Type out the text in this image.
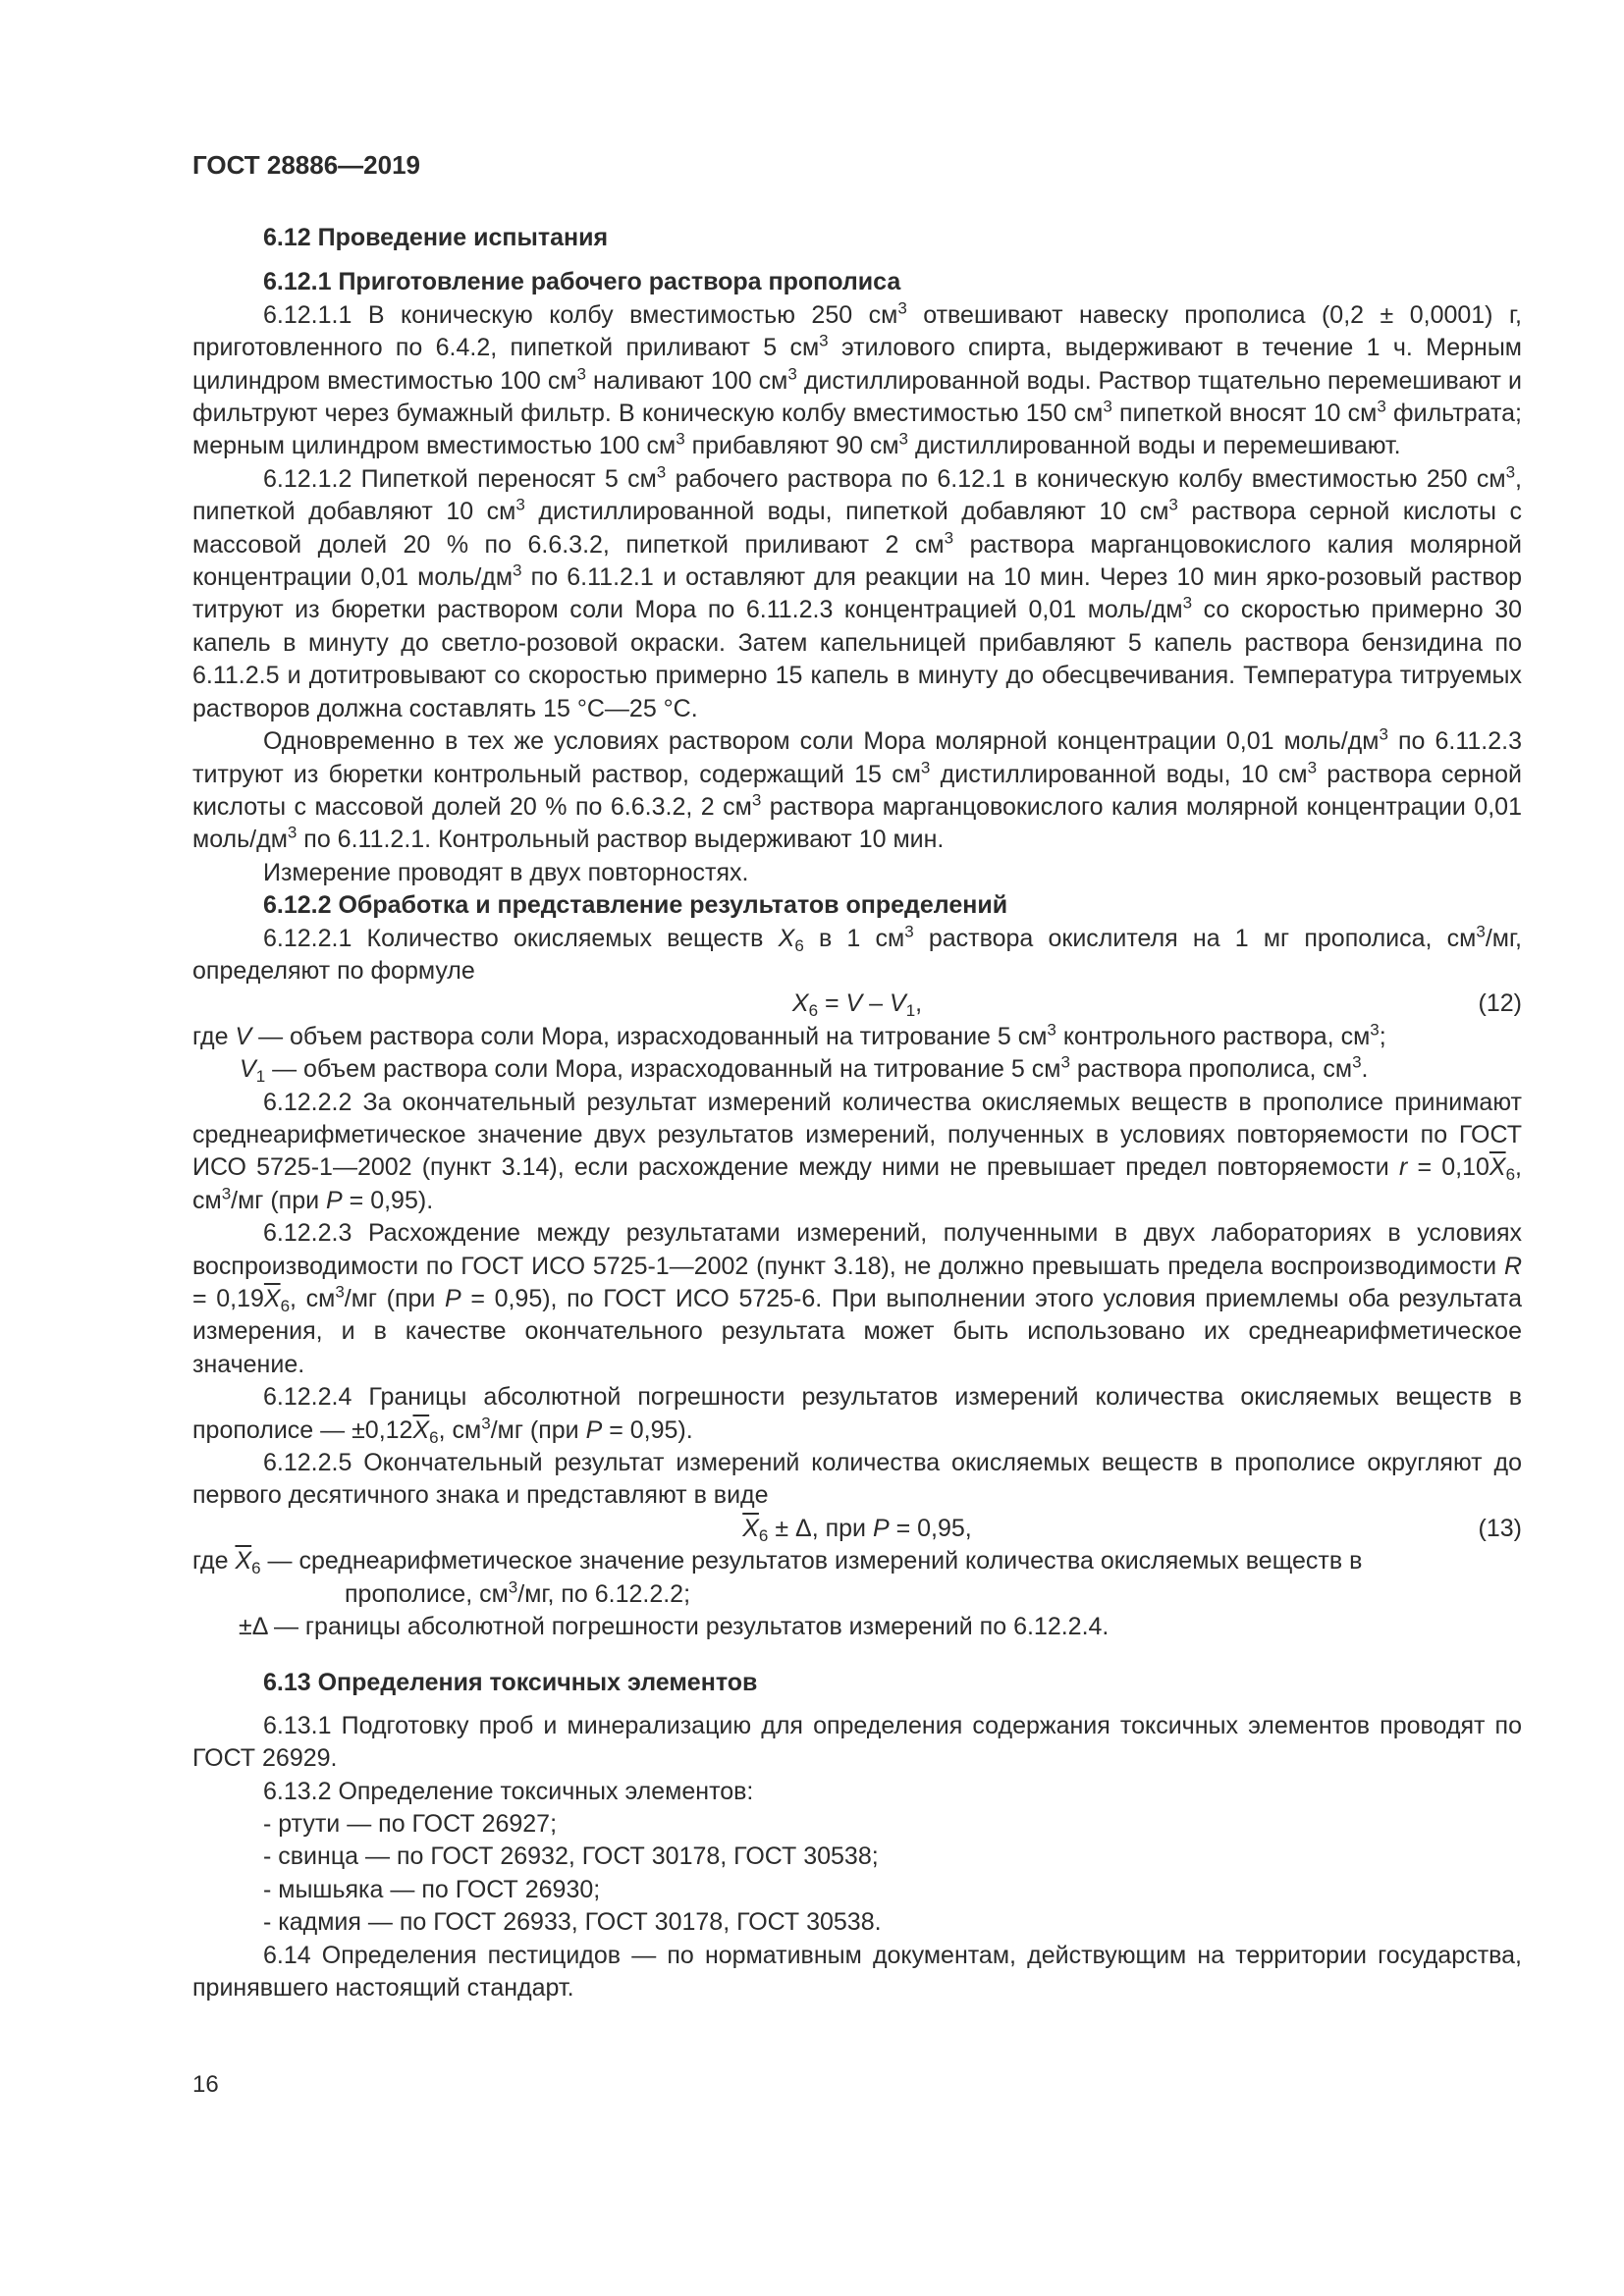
ГОСТ 28886—2019
6.12 Проведение испытания
6.12.1 Приготовление рабочего раствора прополиса

6.12.1.1 В коническую колбу вместимостью 250 $см^3$ отвешивают навеску прополиса (0,2 ± 0,0001) г, приготовленного по 6.4.2, пипеткой приливают 5 $см^3$ этилового спирта, выдерживают в течение 1 ч. Мерным цилиндром вместимостью 100 $см^3$ наливают 100 $см^3$ дистиллированной воды. Раствор тщательно перемешивают и фильтруют через бумажный фильтр. В коническую колбу вместимостью 150 $см^3$ пипеткой вносят 10 $см^3$ фильтрата; мерным цилиндром вместимостью 100 $см^3$ прибавляют 90 $см^3$ дистиллированной воды и перемешивают.

6.12.1.2 Пипеткой переносят 5 $см^3$ рабочего раствора по 6.12.1 в коническую колбу вместимостью 250 $см^3$, пипеткой добавляют 10 $см^3$ дистиллированной воды, пипеткой добавляют 10 $см^3$ раствора серной кислоты с массовой долей 20 % по 6.6.3.2, пипеткой приливают 2 $см^3$ раствора марганцовокислого калия молярной концентрации 0,01 моль/$дм^3$ по 6.11.2.1 и оставляют для реакции на 10 мин. Через 10 мин ярко-розовый раствор титруют из бюретки раствором соли Мора по 6.11.2.3 концентрацией 0,01 моль/$дм^3$ со скоростью примерно 30 капель в минуту до светло-розовой окраски. Затем капельницей прибавляют 5 капель раствора бензидина по 6.11.2.5 и дотитровывают со скоростью примерно 15 капель в минуту до обесцвечивания. Температура титруемых растворов должна составлять 15 °С—25 °С.

Одновременно в тех же условиях раствором соли Мора молярной концентрации 0,01 моль/$дм^3$ по 6.11.2.3 титруют из бюретки контрольный раствор, содержащий 15 $см^3$ дистиллированной воды, 10 $см^3$ раствора серной кислоты с массовой долей 20 % по 6.6.3.2, 2 $см^3$ раствора марганцовокислого калия молярной концентрации 0,01 моль/$дм^3$ по 6.11.2.1. Контрольный раствор выдерживают 10 мин.

Измерение проводят в двух повторностях.

6.12.2 Обработка и представление результатов определений

6.12.2.1 Количество окисляемых веществ $X_6$ в 1 $см^3$ раствора окислителя на 1 мг прополиса, $см^3/мг$, определяют по формуле

$X_6 = V - V_1$,	(12)

где V — объем раствора соли Мора, израсходованный на титрование 5 $см^3$ контрольного раствора, $см^3$;

$V_1$ — объем раствора соли Мора, израсходованный на титрование 5 $см^3$ раствора прополиса, $см^3$.

6.12.2.2 За окончательный результат измерений количества окисляемых веществ в прополисе принимают среднеарифметическое значение двух результатов измерений, полученных в условиях повторяемости по ГОСТ ИСО 5725-1—2002 (пункт 3.14), если расхождение между ними не превышает предел повторяемости $r = 0,10\overline{X}_6$, $см^3/мг$ (при P = 0,95).

6.12.2.3 Расхождение между результатами измерений, полученными в двух лабораториях в условиях воспроизводимости по ГОСТ ИСО 5725-1—2002 (пункт 3.18), не должно превышать предела воспроизводимости $R = 0,19\overline{X}_6$, $см^3/мг$ (при P = 0,95), по ГОСТ ИСО 5725-6. При выполнении этого условия приемлемы оба результата измерения, и в качестве окончательного результата может быть использовано их среднеарифметическое значение.

6.12.2.4 Границы абсолютной погрешности результатов измерений количества окисляемых веществ в прополисе — $\pm 0,12\overline{X}_6$, $см^3/мг$ (при P = 0,95).

6.12.2.5 Окончательный результат измерений количества окисляемых веществ в прополисе округляют до первого десятичного знака и представляют в виде

$\overline{X}_6 \pm \Delta$, при P = 0,95,	(13)

где $\overline{X}_6$ — среднеарифметическое значение результатов измерений количества окисляемых веществ в

прополисе, $см^3/мг$, по 6.12.2.2;

±Δ — границы абсолютной погрешности результатов измерений по 6.12.2.4.

6.13 Определения токсичных элементов

6.13.1 Подготовку проб и минерализацию для определения содержания токсичных элементов проводят по ГОСТ 26929.

6.13.2 Определение токсичных элементов:

- ртути — по ГОСТ 26927;

- свинца — по ГОСТ 26932, ГОСТ 30178, ГОСТ 30538;

- мышьяка — по ГОСТ 26930;

- кадмия — по ГОСТ 26933, ГОСТ 30178, ГОСТ 30538.

6.14 Определения пестицидов — по нормативным документам, действующим на территории государства, принявшего настоящий стандарт.

16
